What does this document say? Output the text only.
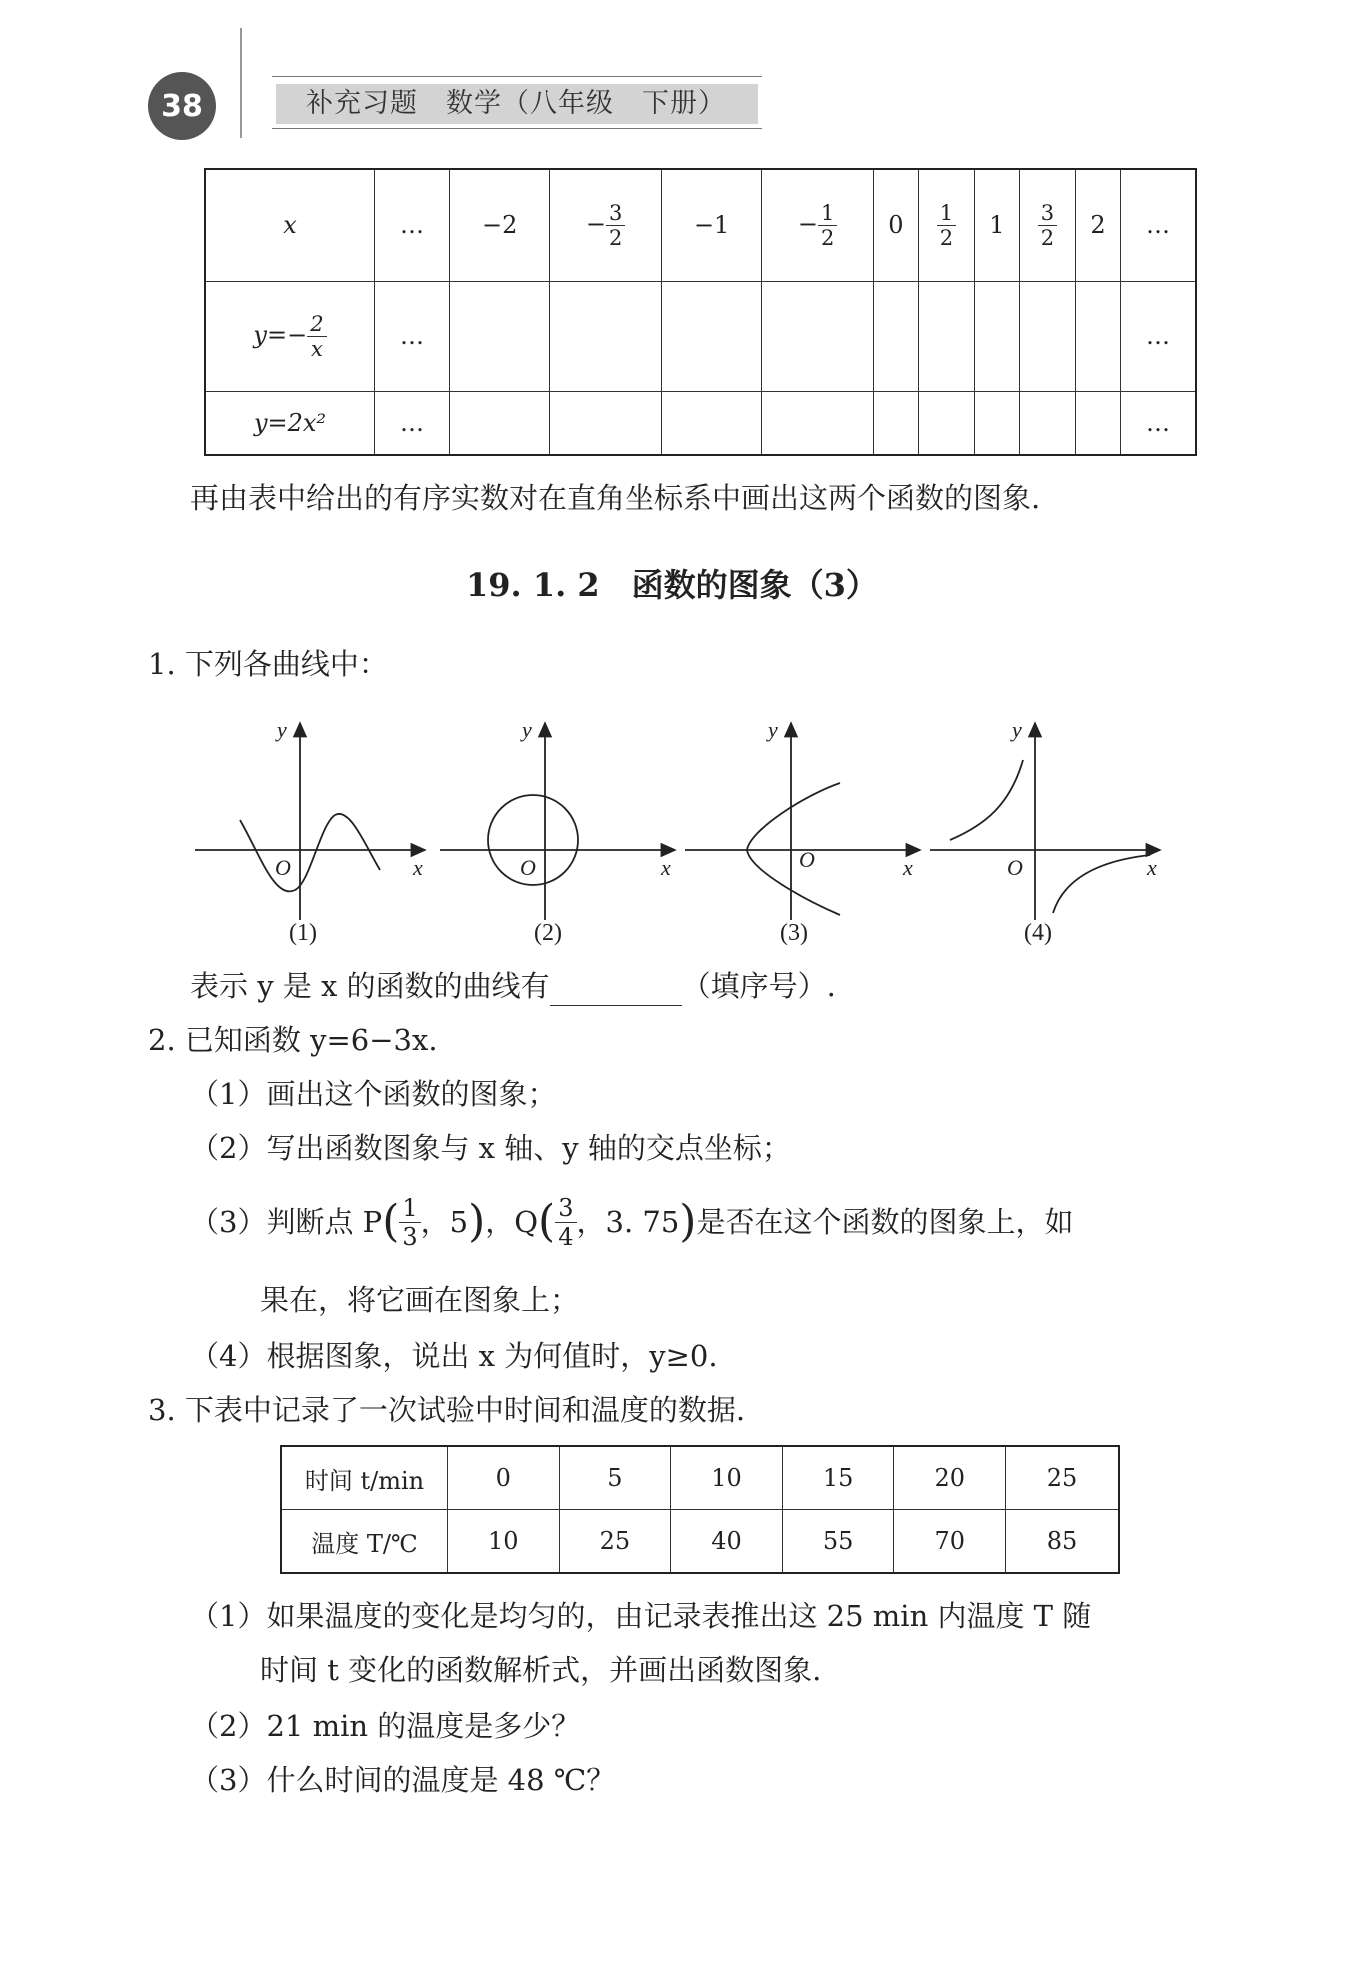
38	补充习题　数学（八年级　下册）
x	…	−2	− $\frac{3}{2}$	−1	− $\frac{1}{2}$	0	$\frac{1}{2}$	1	$\frac{3}{2}$	2	…
$y=- \frac{2}{x}$	…										…
y=2x²	…										…
再由表中给出的有序实数对在直角坐标系中画出这两个函数的图象.
19. 1. 2　函数的图象（3）
1. 下列各曲线中：
y
x
O
y
x
O
y
x
O
y
x
O
(1)	(2)	(3)	(4)
表示 y 是 x 的函数的曲线有	（填序号）.
2. 已知函数 y=6−3x.
（1）画出这个函数的图象；
（2）写出函数图象与 x 轴、y 轴的交点坐标；
（3）判断点 P ( $\frac{1}{3}$ ，5 ) ，Q ( $\frac{3}{4}$ ，3. 75 ) 是否在这个函数的图象上，如
果在，将它画在图象上；
（4）根据图象，说出 x 为何值时，y≥0.
3. 下表中记录了一次试验中时间和温度的数据.
时间 t/min	0	5	10	15	20	25
温度 T/℃	10	25	40	55	70	85
（1）如果温度的变化是均匀的，由记录表推出这 25 min 内温度 T 随
时间 t 变化的函数解析式，并画出函数图象.
（2）21 min 的温度是多少？
（3）什么时间的温度是 48 ℃？
